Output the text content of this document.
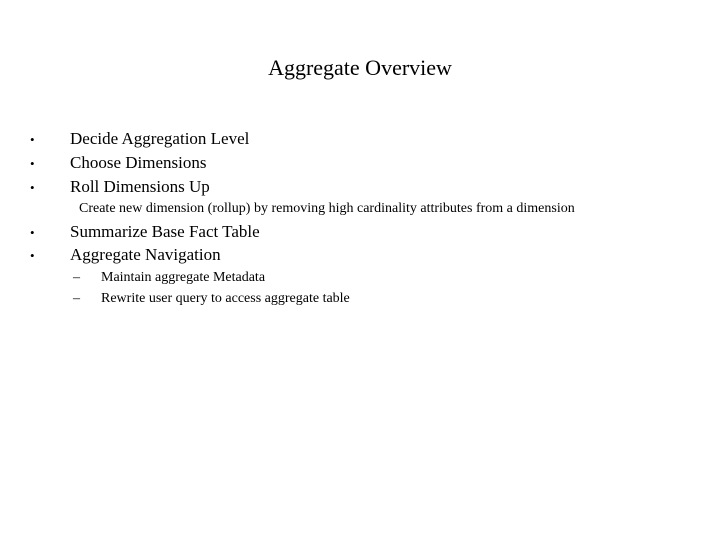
Aggregate Overview
• Decide Aggregation Level
• Choose Dimensions
• Roll Dimensions Up
Create new dimension (rollup) by removing high cardinality attributes from a dimension
• Summarize Base Fact Table
• Aggregate Navigation
– Maintain aggregate Metadata
– Rewrite user query to access aggregate table
